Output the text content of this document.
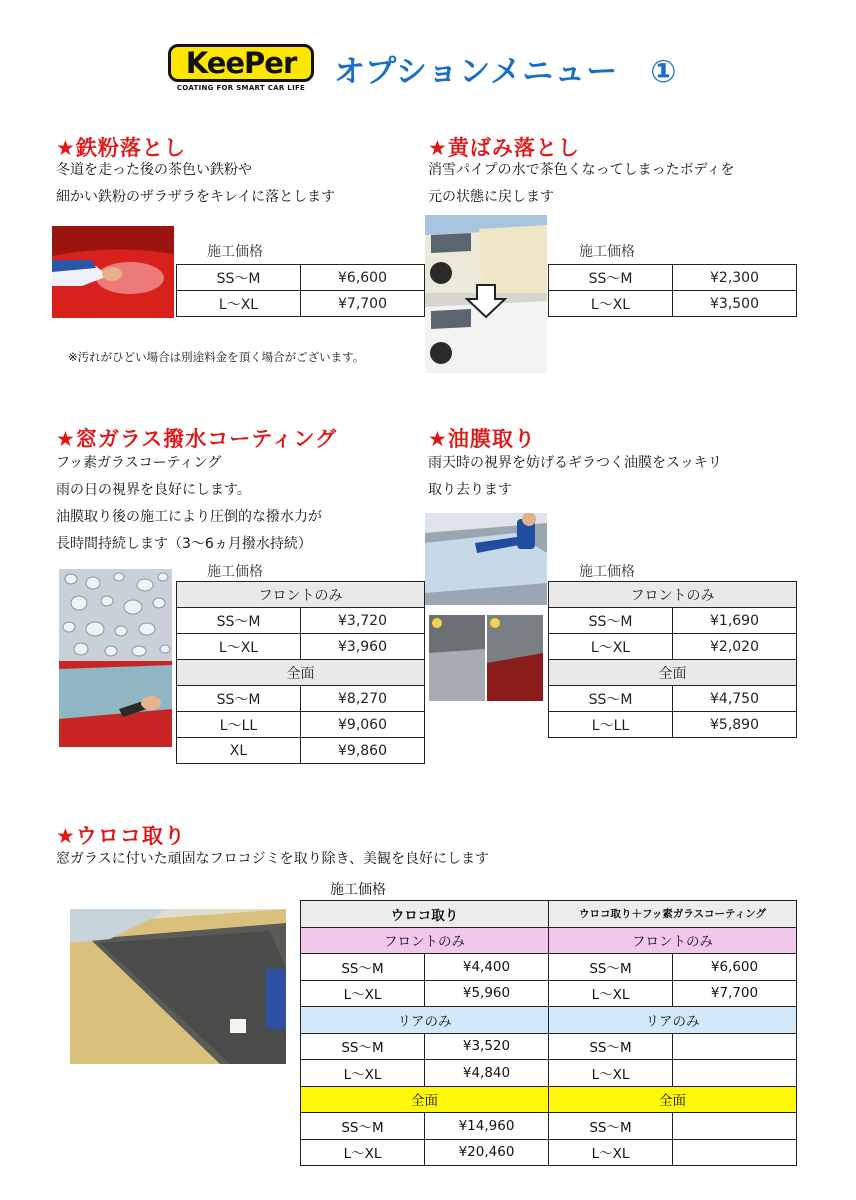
KeePer
COATING FOR SMART CAR LIFE オプションメニュー　①
★鉄粉落とし
冬道を走った後の茶色い鉄粉や
細かい鉄粉のザラザラをキレイに落とします
施工価格
SS～M	¥6,600
L～XL	¥7,700
※汚れがひどい場合は別途料金を頂く場合がございます。
★黄ばみ落とし
消雪パイプの水で茶色くなってしまったボディを
元の状態に戻します
施工価格
SS～M	¥2,300
L～XL	¥3,500
★窓ガラス撥水コーティング
フッ素ガラスコーティング
雨の日の視界を良好にします。
油膜取り後の施工により圧倒的な撥水力が
長時間持続します（3～6ヵ月撥水持続）
施工価格
フロントのみ	
SS～M	¥3,720
L～XL	¥3,960
全面	
SS～M	¥8,270
L～LL	¥9,060
XL	¥9,860
★油膜取り
雨天時の視界を妨げるギラつく油膜をスッキリ
取り去ります
施工価格
フロントのみ	
SS～M	¥1,690
L～XL	¥2,020
全面	
SS～M	¥4,750
L～LL	¥5,890
★ウロコ取り
窓ガラスに付いた頑固なフロコジミを取り除き、美観を良好にします
施工価格
ウロコ取り		ウロコ取り＋フッ素ガラスコーティング	
フロントのみ		フロントのみ	
SS～M	¥4,400	SS～M	¥6,600
L～XL	¥5,960	L～XL	¥7,700
リアのみ		リアのみ	
SS～M	¥3,520	SS～M	
L～XL	¥4,840	L～XL	
全面		全面	
SS～M	¥14,960	SS～M	
L～XL	¥20,460	L～XL	
